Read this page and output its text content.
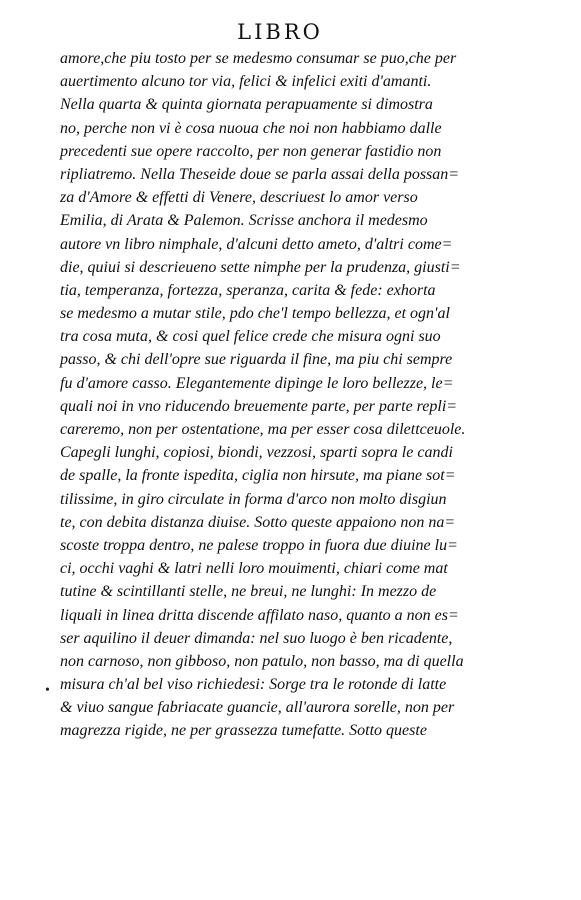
LIBRO
amore,che piu tosto per se medesmo consumar se puo,che per
auertimento alcuno tor via, felici & infelici exiti d'amanti.
Nella quarta & quinta giornata perapuamente si dimostra
no, perche non vi è cosa nuoua che noi non habbiamo dalle
precedenti sue opere raccolto, per non generar fastidio non
ripliatremo. Nella Theseide doue se parla assai della possan=
za d'Amore & effetti di Venere, descriuest lo amor verso
Emilia, di Arata & Palemon. Scrisse anchora il medesmo
autore vn libro nimphale, d'alcuni detto ameto, d'altri come=
die, quiui si descrieueno sette nimphe per la prudenza, giusti=
tia, temperanza, fortezza, speranza, carita & fede: exhorta
se medesmo a mutar stile, pdo che'l tempo bellezza, et ogn'al
tra cosa muta, & cosi quel felice crede che misura ogni suo
passo, & chi dell'opre sue riguarda il fine, ma piu chi sempre
fu d'amore casso. Elegantemente dipinge le loro bellezze, le=
quali noi in vno riducendo breuemente parte, per parte repli=
careremo, non per ostentatione, ma per esser cosa dilettceuole.
Capegli lunghi, copiosi, biondi, vezzosi, sparti sopra le candi
de spalle, la fronte ispedita, ciglia non hirsute, ma piane sot=
tilissime, in giro circulate in forma d'arco non molto disgiun
te, con debita distanza diuise. Sotto queste appaiono non na=
scoste troppa dentro, ne palese troppo in fuora due diuine lu=
ci, occhi vaghi & latri nelli loro mouimenti, chiari come mat
tutine & scintillanti stelle, ne breui, ne lunghi: In mezzo de
liquali in linea dritta discende affilato naso, quanto a non es=
ser aquilino il deuer dimanda: nel suo luogo è ben ricadente,
non carnoso, non gibboso, non patulo, non basso, ma di quella
misura ch'al bel viso richiedesi: Sorge tra le rotonde di latte
& viuo sangue fabriacate guancie, all'aurora sorelle, non per
magrezza rigide, ne per grassezza tumefatte. Sotto queste
•
